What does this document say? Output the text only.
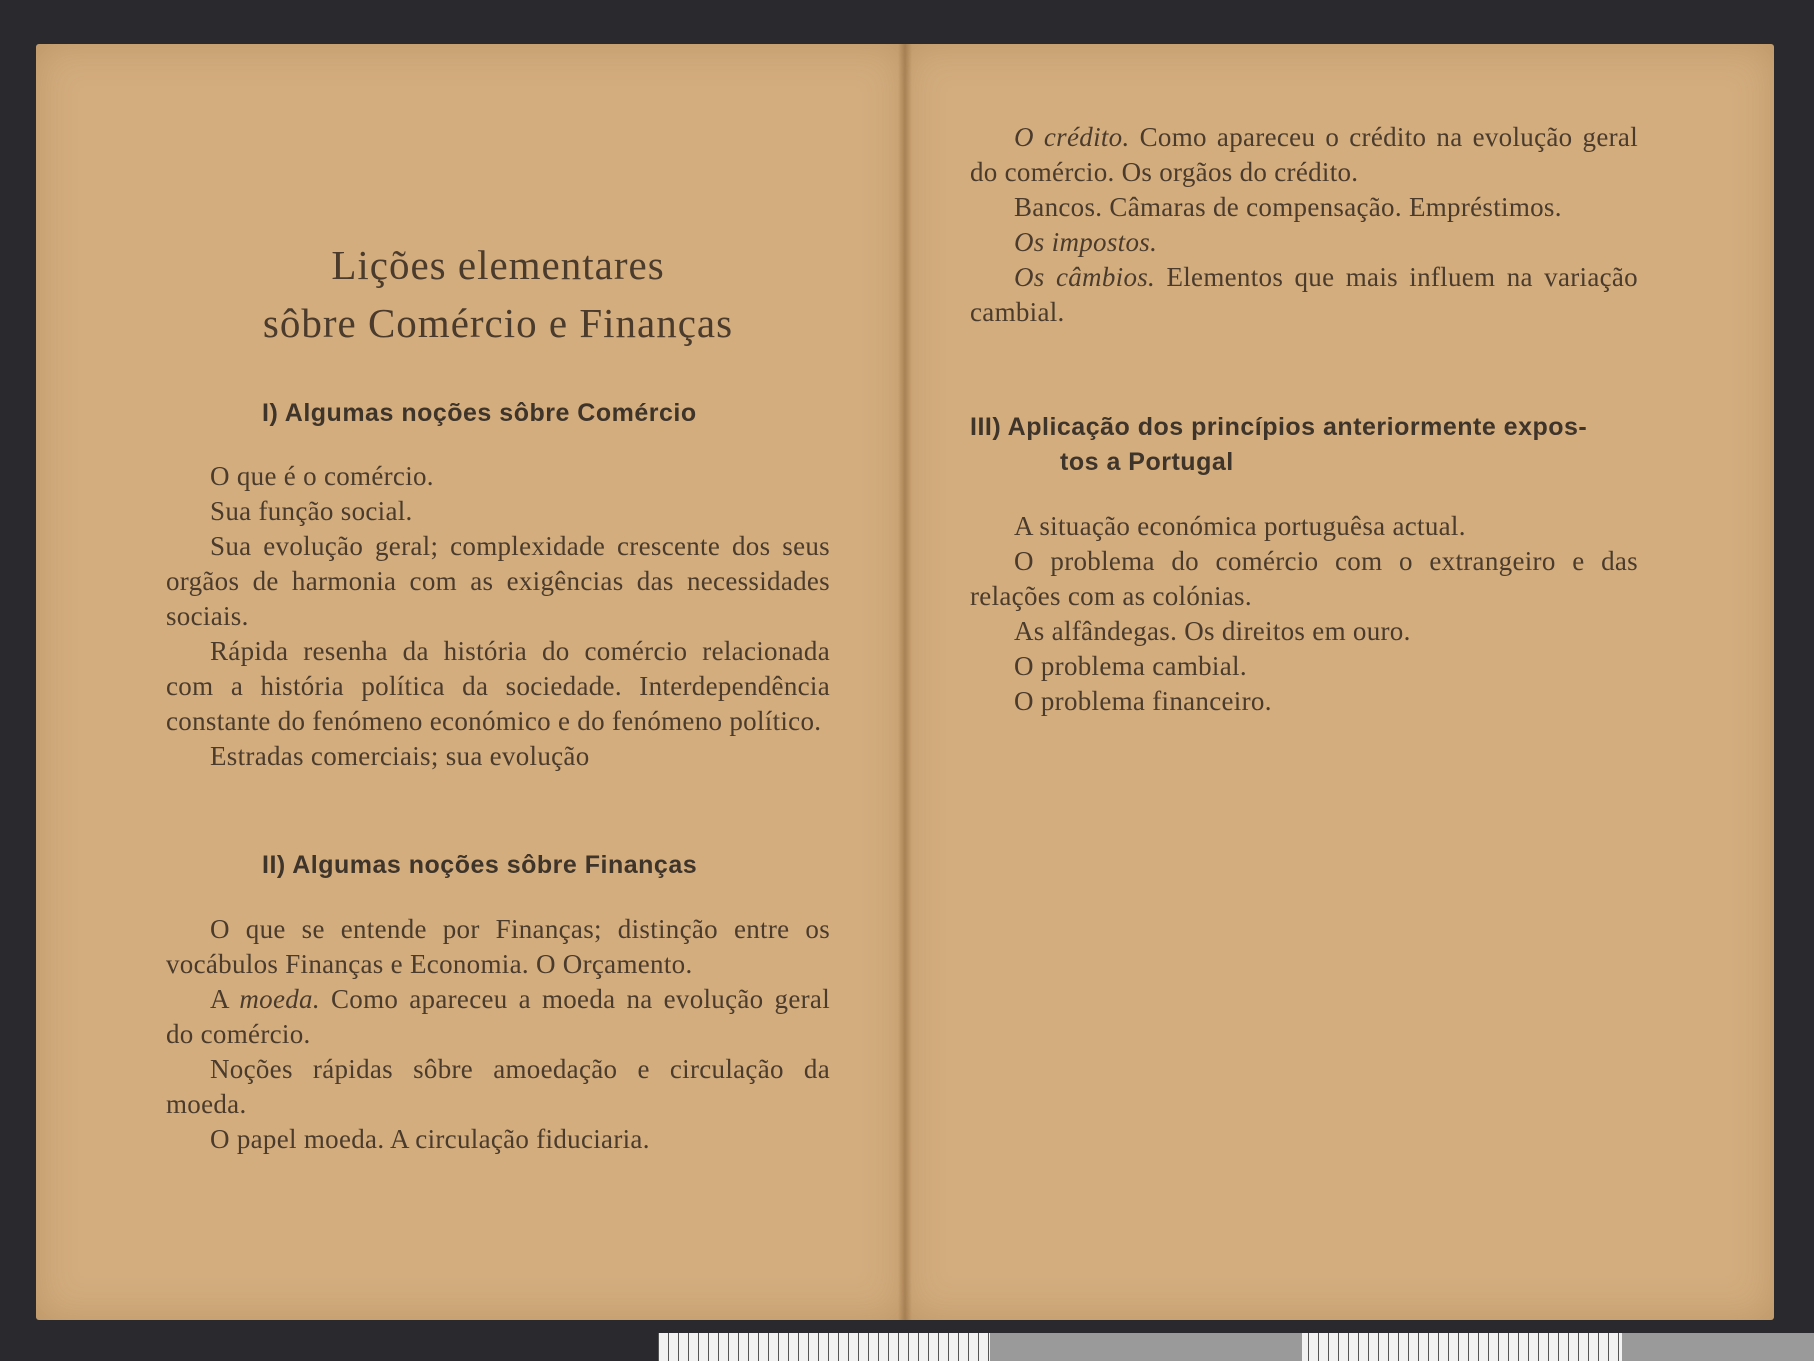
Lições elementares
sôbre Comércio e Finanças
I) Algumas noções sôbre Comércio

O que é o comércio.

Sua função social.

Sua evolução geral; complexidade crescente dos seus orgãos de harmonia com as exigências das necessidades sociais.

Rápida resenha da história do comércio relacionada com a história política da sociedade. Interdependência constante do fenómeno económico e do fenómeno político.

Estradas comerciais; sua evolução

II) Algumas noções sôbre Finanças

O que se entende por Finanças; distinção entre os vocábulos Finanças e Economia. O Orçamento.

A moeda. Como apareceu a moeda na evolução geral do comércio.

Noções rápidas sôbre amoedação e circulação da moeda.

O papel moeda. A circulação fiduciaria.

O crédito. Como apareceu o crédito na evolução geral do comércio. Os orgãos do crédito.

Bancos. Câmaras de compensação. Empréstimos.

Os impostos.

Os câmbios. Elementos que mais influem na variação cambial.

III) Aplicação dos princípios anteriormente expos-
tos a Portugal

A situação económica portuguêsa actual.

O problema do comércio com o extrangeiro e das relações com as colónias.

As alfândegas. Os direitos em ouro.

O problema cambial.

O problema financeiro.
